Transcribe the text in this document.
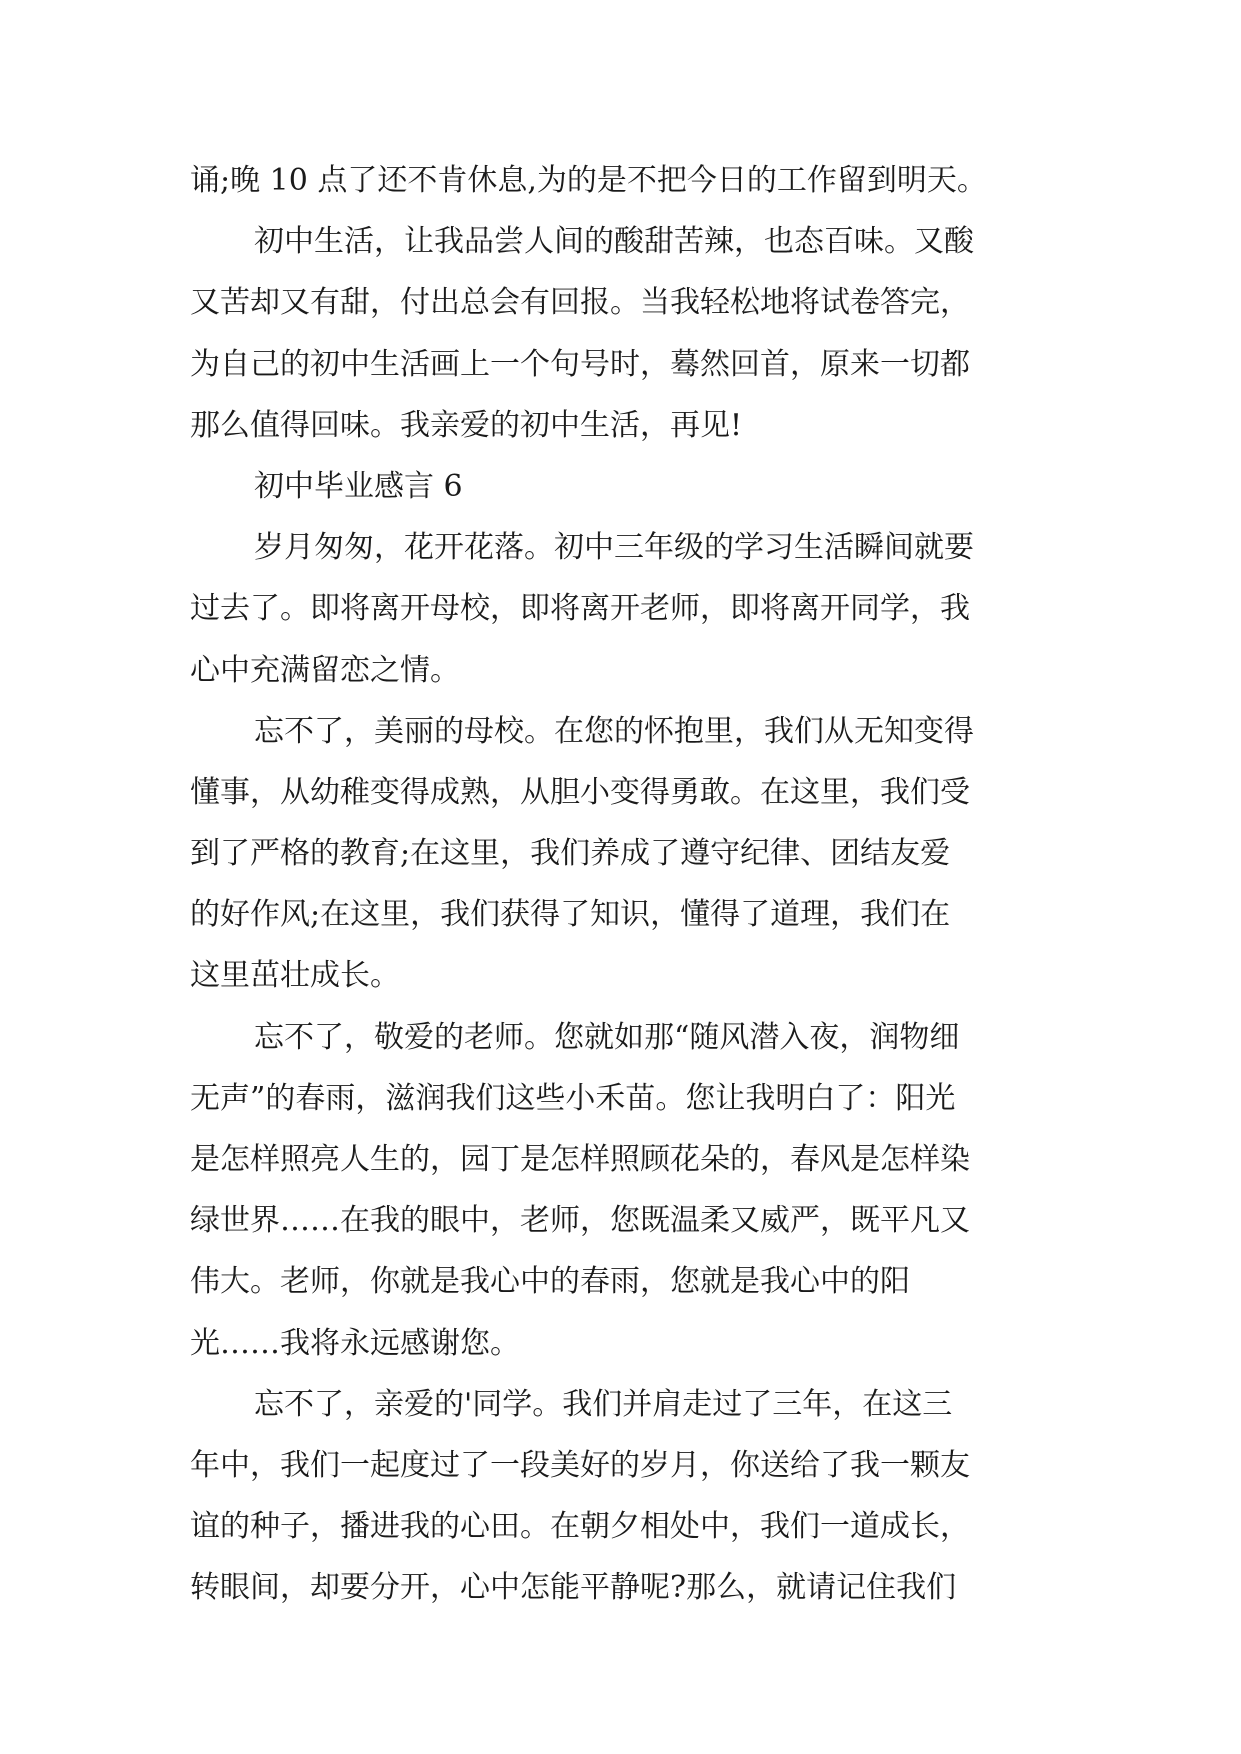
诵;晚 10 点了还不肯休息,为的是不把今日的工作留到明天。
初中生活，让我品尝人间的酸甜苦辣，也态百味。又酸
又苦却又有甜，付出总会有回报。当我轻松地将试卷答完，
为自己的初中生活画上一个句号时，蓦然回首，原来一切都
那么值得回味。我亲爱的初中生活，再见!
初中毕业感言 6
岁月匆匆，花开花落。初中三年级的学习生活瞬间就要
过去了。即将离开母校，即将离开老师，即将离开同学，我
心中充满留恋之情。
忘不了，美丽的母校。在您的怀抱里，我们从无知变得
懂事，从幼稚变得成熟，从胆小变得勇敢。在这里，我们受
到了严格的教育;在这里，我们养成了遵守纪律、团结友爱
的好作风;在这里，我们获得了知识，懂得了道理，我们在
这里茁壮成长。
忘不了，敬爱的老师。您就如那“随风潜入夜，润物细
无声”的春雨，滋润我们这些小禾苗。您让我明白了：阳光
是怎样照亮人生的，园丁是怎样照顾花朵的，春风是怎样染
绿世界……在我的眼中，老师，您既温柔又威严，既平凡又
伟大。老师，你就是我心中的春雨，您就是我心中的阳
光……我将永远感谢您。
忘不了，亲爱的'同学。我们并肩走过了三年，在这三
年中，我们一起度过了一段美好的岁月，你送给了我一颗友
谊的种子，播进我的心田。在朝夕相处中，我们一道成长，
转眼间，却要分开，心中怎能平静呢?那么，就请记住我们
